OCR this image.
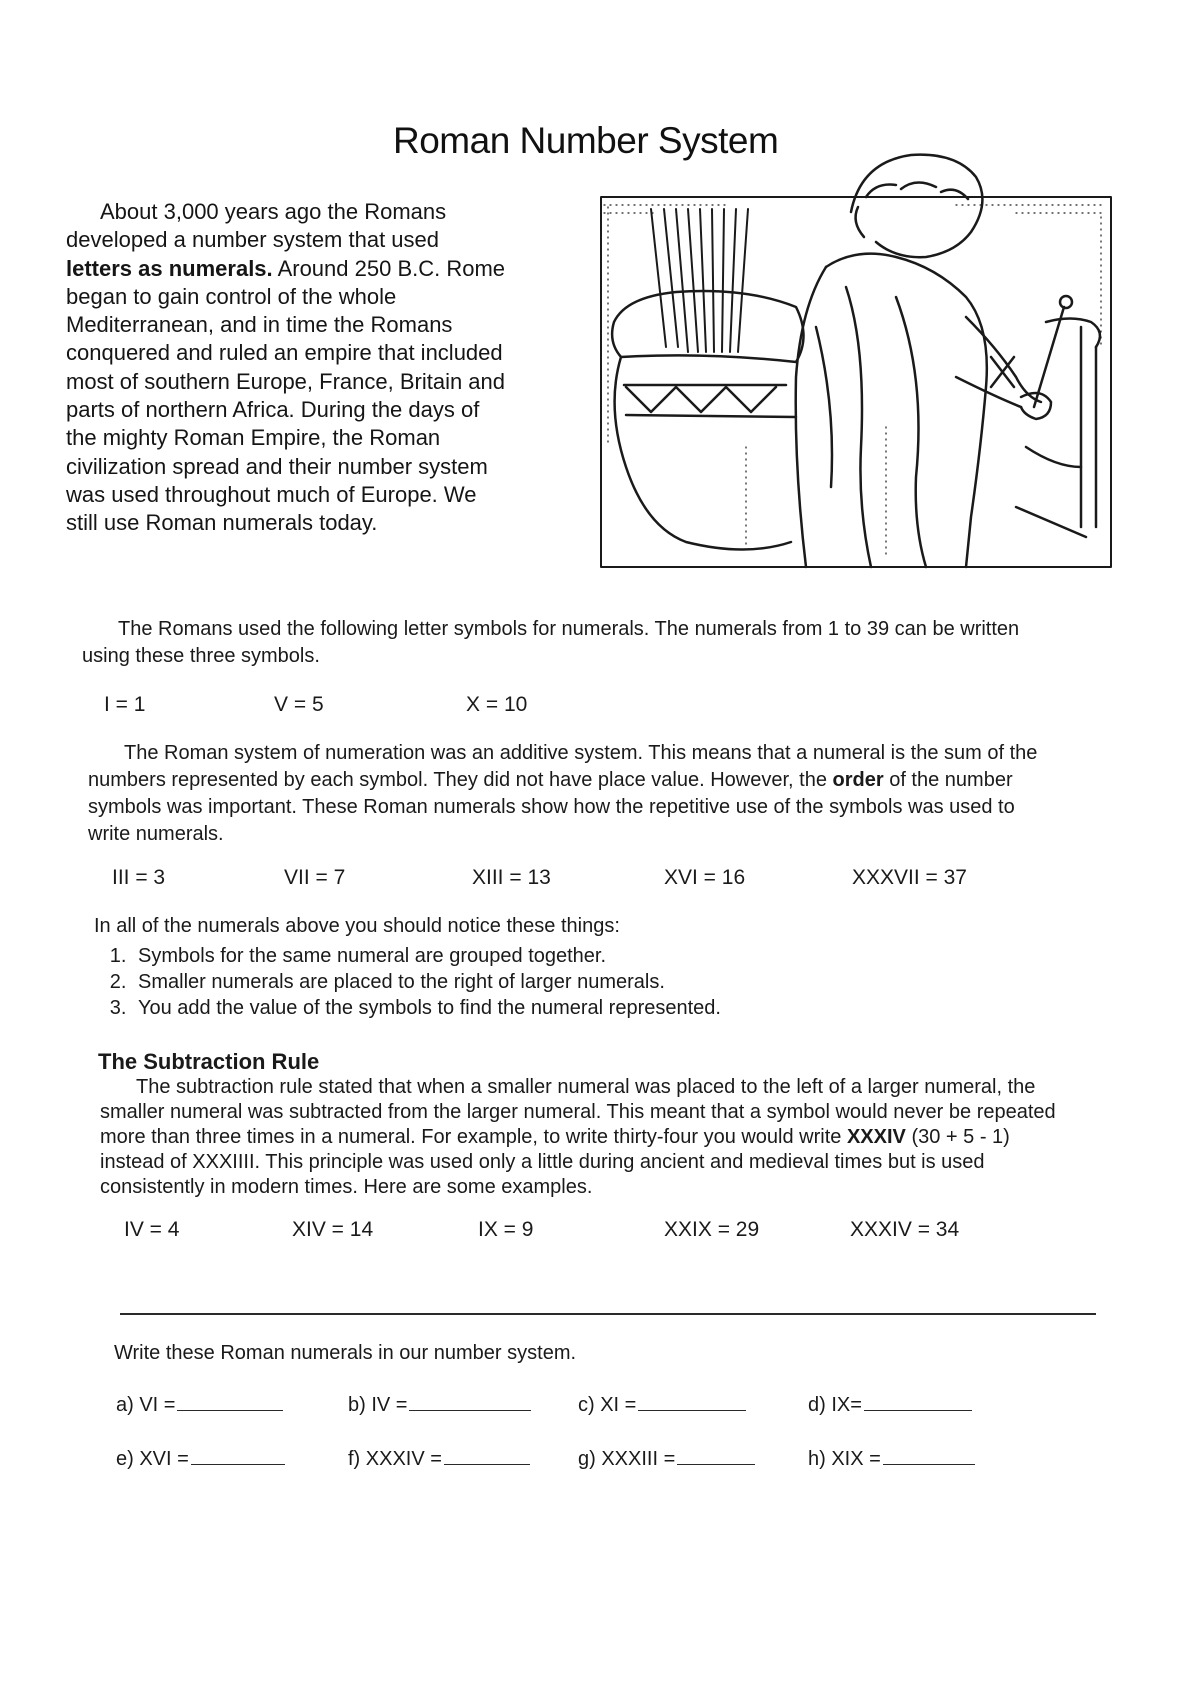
Roman Number System

About 3,000 years ago the Romans developed a number system that used letters as numerals. Around 250 B.C. Rome began to gain control of the whole Mediterranean, and in time the Romans conquered and ruled an empire that included most of southern Europe, France, Britain and parts of northern Africa. During the days of the mighty Roman Empire, the Roman civilization spread and their number system was used throughout much of Europe. We still use Roman numerals today.

The Romans used the following letter symbols for numerals. The numerals from 1 to 39 can be written using these three symbols.

I = 1	V = 5	X = 10

The Roman system of numeration was an additive system. This means that a numeral is the sum of the numbers represented by each symbol. They did not have place value. However, the order of the number symbols was important. These Roman numerals show how the repetitive use of the symbols was used to write numerals.

III = 3	VII = 7	XIII = 13	XVI = 16	XXXVII = 37
In all of the numerals above you should notice these things:
1. Symbols for the same numeral are grouped together.
2. Smaller numerals are placed to the right of larger numerals.
3. You add the value of the symbols to find the numeral represented.
The Subtraction Rule

The subtraction rule stated that when a smaller numeral was placed to the left of a larger numeral, the smaller numeral was subtracted from the larger numeral. This meant that a symbol would never be repeated more than three times in a numeral. For example, to write thirty-four you would write XXXIV (30 + 5 - 1) instead of XXXIIII. This principle was used only a little during ancient and medieval times but is used consistently in modern times. Here are some examples.

IV = 4	XIV = 14	IX = 9	XXIX = 29	XXXIV = 34
Write these Roman numerals in our number system.
a) VI =	b) IV =	c) XI =	d) IX=
e) XVI =	f) XXXIV =	g) XXXIII =	h) XIX =
